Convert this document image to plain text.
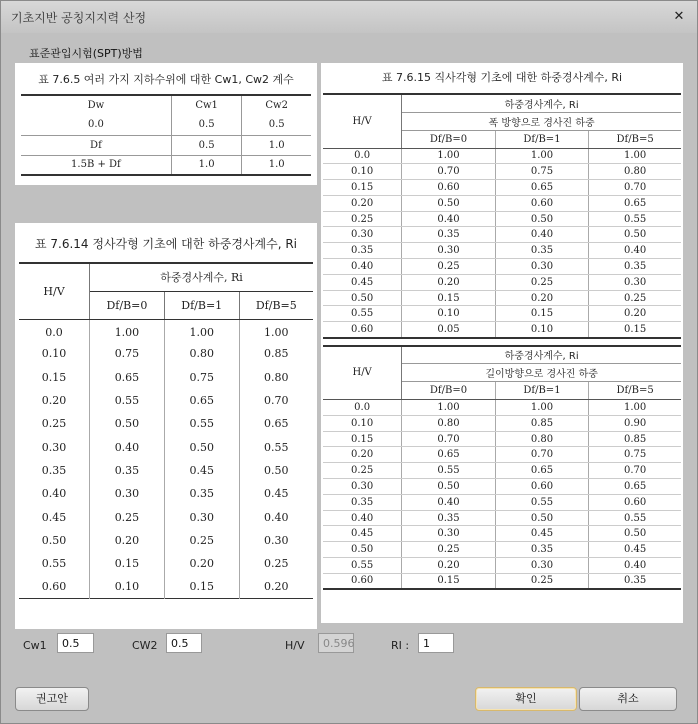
기초지반 공칭지지력 산정	✕
표준관입시험(SPT)방법
표 7.6.5 여러 가지 지하수위에 대한 Cw1, Cw2 계수
Dw	Cw1	Cw2
0.0	0.5	0.5
Df	0.5	1.0
1.5B + Df	1.0	1.0
표 7.6.14 정사각형 기초에 대한 하중경사계수, Ri
H/V	하중경사계수, Ri		
	Df/B=0	Df/B=1	Df/B=5
0.0	1.00	1.00	1.00
0.10	0.75	0.80	0.85
0.15	0.65	0.75	0.80
0.20	0.55	0.65	0.70
0.25	0.50	0.55	0.65
0.30	0.40	0.50	0.55
0.35	0.35	0.45	0.50
0.40	0.30	0.35	0.45
0.45	0.25	0.30	0.40
0.50	0.20	0.25	0.30
0.55	0.15	0.20	0.25
0.60	0.10	0.15	0.20
표 7.6.15 직사각형 기초에 대한 하중경사계수, Ri
H/V	하중경사계수, Ri		
	폭 방향으로 경사진 하중		
	Df/B=0	Df/B=1	Df/B=5
0.0	1.00	1.00	1.00
0.10	0.70	0.75	0.80
0.15	0.60	0.65	0.70
0.20	0.50	0.60	0.65
0.25	0.40	0.50	0.55
0.30	0.35	0.40	0.50
0.35	0.30	0.35	0.40
0.40	0.25	0.30	0.35
0.45	0.20	0.25	0.30
0.50	0.15	0.20	0.25
0.55	0.10	0.15	0.20
0.60	0.05	0.10	0.15
H/V	하중경사계수, Ri		
	길이방향으로 경사진 하중		
	Df/B=0	Df/B=1	Df/B=5
0.0	1.00	1.00	1.00
0.10	0.80	0.85	0.90
0.15	0.70	0.80	0.85
0.20	0.65	0.70	0.75
0.25	0.55	0.65	0.70
0.30	0.50	0.60	0.65
0.35	0.40	0.55	0.60
0.40	0.35	0.50	0.55
0.45	0.30	0.45	0.50
0.50	0.25	0.35	0.45
0.55	0.20	0.30	0.40
0.60	0.15	0.25	0.35
Cw1	0.5	CW2	0.5	H/V	0.596	RI :	1
권고안	확인	취소
